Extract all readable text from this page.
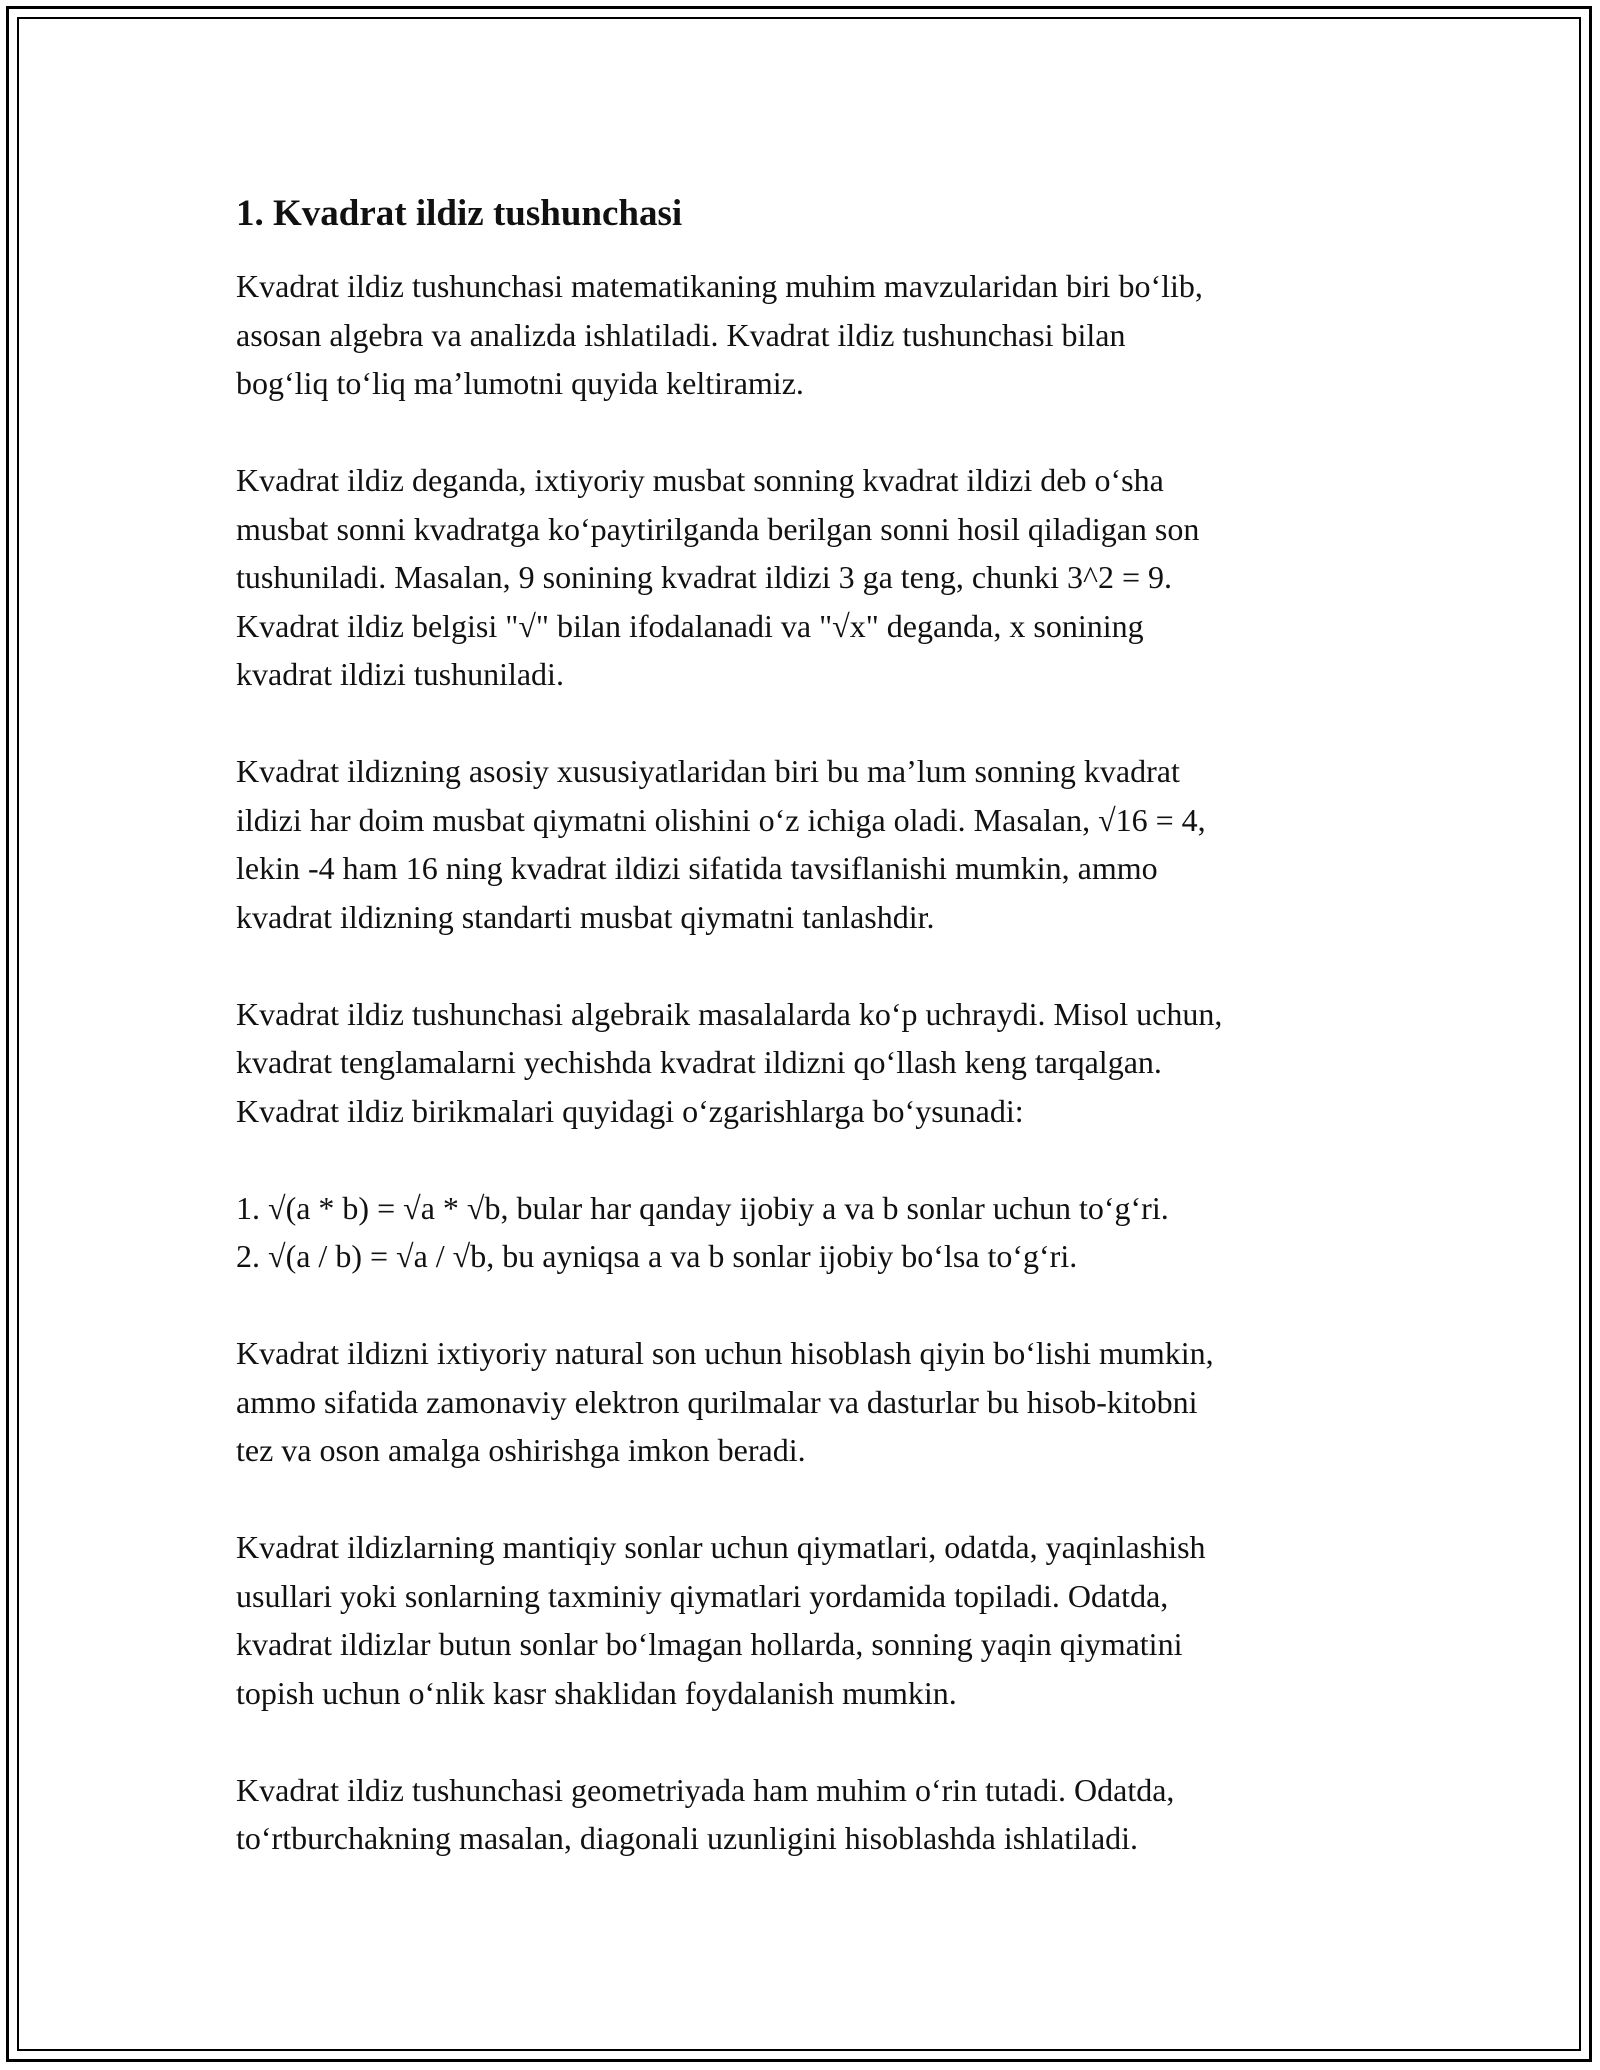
1. Kvadrat ildiz tushunchasi

Kvadrat ildiz tushunchasi matematikaning muhim mavzularidan biri boʻlib,
asosan algebra va analizda ishlatiladi. Kvadrat ildiz tushunchasi bilan
bogʻliq toʻliq maʼlumotni quyida keltiramiz.

Kvadrat ildiz deganda, ixtiyoriy musbat sonning kvadrat ildizi deb oʻsha
musbat sonni kvadratga koʻpaytirilganda berilgan sonni hosil qiladigan son
tushuniladi. Masalan, 9 sonining kvadrat ildizi 3 ga teng, chunki 3^2 = 9.
Kvadrat ildiz belgisi "√" bilan ifodalanadi va "√x" deganda, x sonining
kvadrat ildizi tushuniladi.

Kvadrat ildizning asosiy xususiyatlaridan biri bu maʼlum sonning kvadrat
ildizi har doim musbat qiymatni olishini oʻz ichiga oladi. Masalan, √16 = 4,
lekin -4 ham 16 ning kvadrat ildizi sifatida tavsiflanishi mumkin, ammo
kvadrat ildizning standarti musbat qiymatni tanlashdir.

Kvadrat ildiz tushunchasi algebraik masalalarda koʻp uchraydi. Misol uchun,
kvadrat tenglamalarni yechishda kvadrat ildizni qoʻllash keng tarqalgan.
Kvadrat ildiz birikmalari quyidagi oʻzgarishlarga boʻysunadi:

1. √(a * b) = √a * √b, bular har qanday ijobiy a va b sonlar uchun toʻgʻri.
2. √(a / b) = √a / √b, bu ayniqsa a va b sonlar ijobiy boʻlsa toʻgʻri.

Kvadrat ildizni ixtiyoriy natural son uchun hisoblash qiyin boʻlishi mumkin,
ammo sifatida zamonaviy elektron qurilmalar va dasturlar bu hisob-kitobni
tez va oson amalga oshirishga imkon beradi.

Kvadrat ildizlarning mantiqiy sonlar uchun qiymatlari, odatda, yaqinlashish
usullari yoki sonlarning taxminiy qiymatlari yordamida topiladi. Odatda,
kvadrat ildizlar butun sonlar boʻlmagan hollarda, sonning yaqin qiymatini
topish uchun oʻnlik kasr shaklidan foydalanish mumkin.

Kvadrat ildiz tushunchasi geometriyada ham muhim oʻrin tutadi. Odatda,
toʻrtburchakning masalan, diagonali uzunligini hisoblashda ishlatiladi.
